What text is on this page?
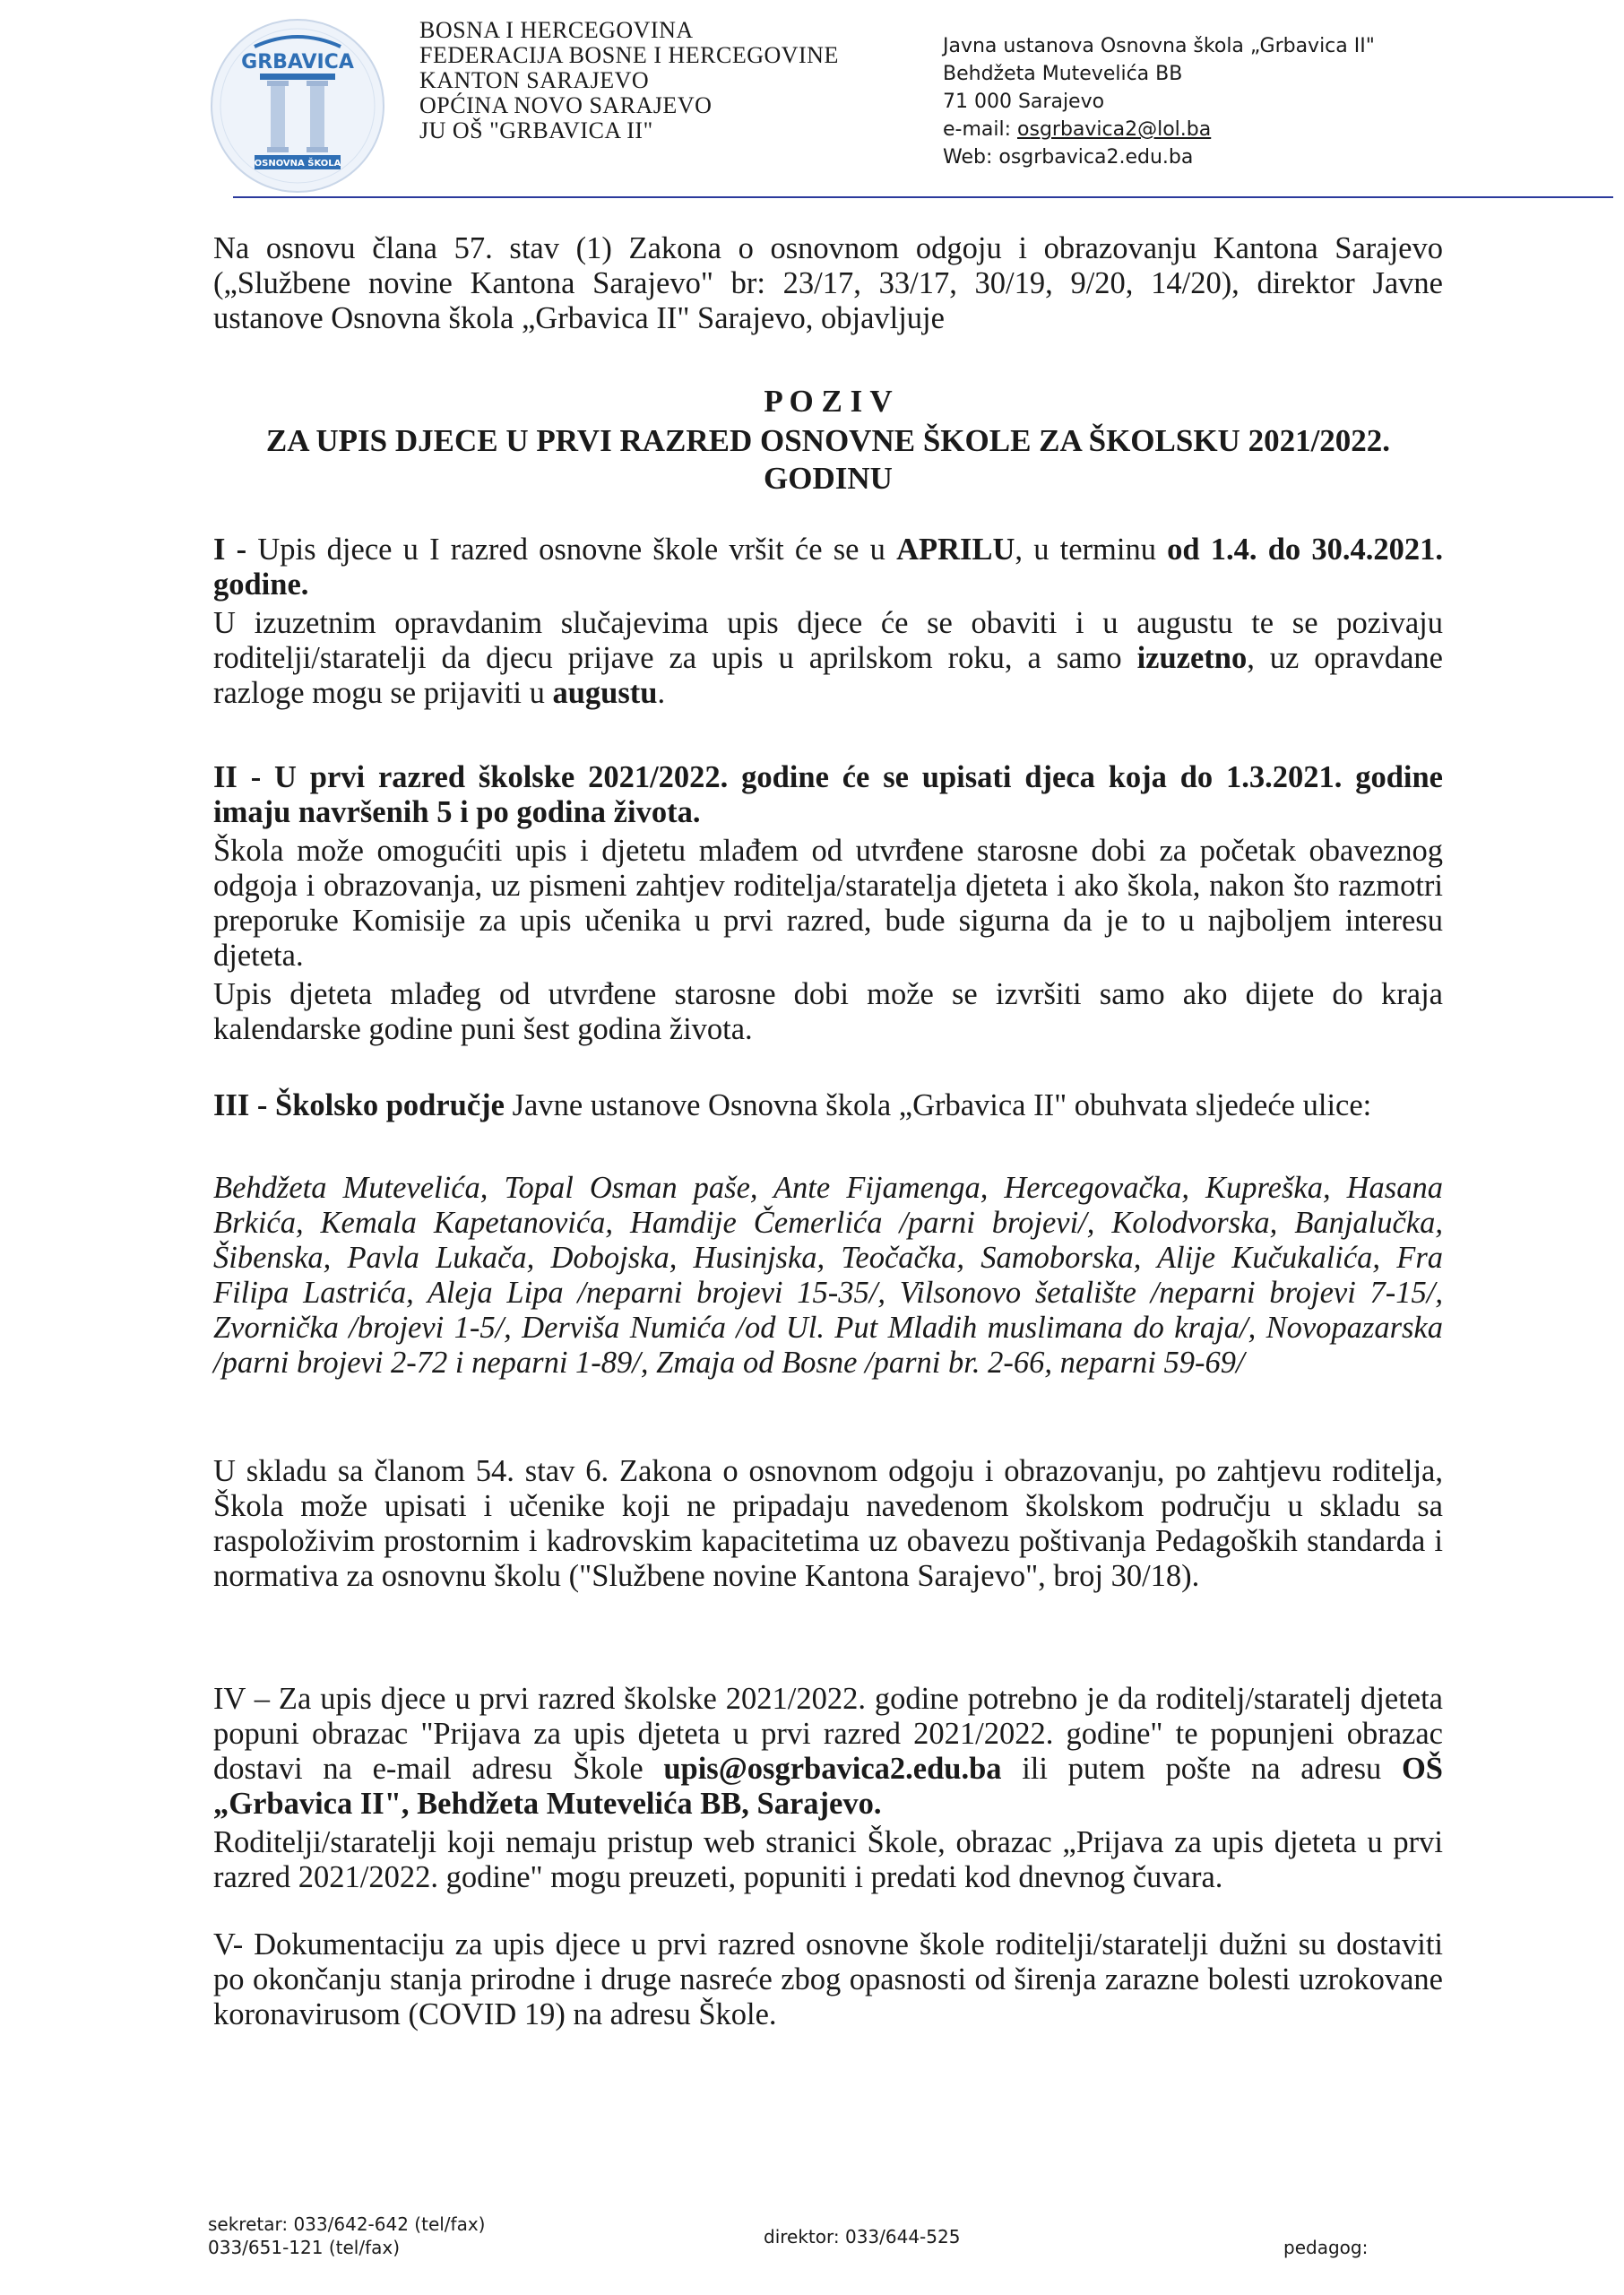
GRBAVICA
OSNOVNA ŠKOLA
BOSNA I HERCEGOVINA
FEDERACIJA BOSNE I HERCEGOVINE
KANTON SARAJEVO
OPĆINA NOVO SARAJEVO
JU OŠ "GRBAVICA II"
Javna ustanova Osnovna škola „Grbavica II"
Behdžeta Mutevelića BB
71 000 Sarajevo
e-mail: osgrbavica2@lol.ba
Web: osgrbavica2.edu.ba
Na osnovu člana 57. stav (1) Zakona o osnovnom odgoju i obrazovanju Kantona Sarajevo („Službene novine Kantona Sarajevo" br: 23/17, 33/17, 30/19, 9/20, 14/20), direktor Javne ustanove Osnovna škola „Grbavica II" Sarajevo, objavljuje
P O Z I V
ZA UPIS DJECE U PRVI RAZRED OSNOVNE ŠKOLE ZA ŠKOLSKU 2021/2022.
GODINU
I - Upis djece u I razred osnovne škole vršit će se u APRILU, u terminu od 1.4. do 30.4.2021. godine.
U izuzetnim opravdanim slučajevima upis djece će se obaviti i u augustu te se pozivaju roditelji/staratelji da djecu prijave za upis u aprilskom roku, a samo izuzetno, uz opravdane razloge mogu se prijaviti u augustu.
II - U prvi razred školske 2021/2022. godine će se upisati djeca koja do 1.3.2021. godine imaju navršenih 5 i po godina života.
Škola može omogućiti upis i djetetu mlađem od utvrđene starosne dobi za početak obaveznog odgoja i obrazovanja, uz pismeni zahtjev roditelja/staratelja djeteta i ako škola, nakon što razmotri preporuke Komisije za upis učenika u prvi razred, bude sigurna da je to u najboljem interesu djeteta.
Upis djeteta mlađeg od utvrđene starosne dobi može se izvršiti samo ako dijete do kraja kalendarske godine puni šest godina života.
III - Školsko područje Javne ustanove Osnovna škola „Grbavica II" obuhvata sljedeće ulice:
Behdžeta Mutevelića, Topal Osman paše, Ante Fijamenga, Hercegovačka, Kupreška, Hasana Brkića, Kemala Kapetanovića, Hamdije Čemerlića /parni brojevi/, Kolodvorska, Banjalučka, Šibenska, Pavla Lukača, Dobojska, Husinjska, Teočačka, Samoborska, Alije Kučukalića, Fra Filipa Lastrića, Aleja Lipa /neparni brojevi 15-35/, Vilsonovo šetalište /neparni brojevi 7-15/, Zvornička /brojevi 1-5/, Derviša Numića /od Ul. Put Mladih muslimana do kraja/, Novopazarska /parni brojevi 2-72 i neparni 1-89/, Zmaja od Bosne /parni br. 2-66, neparni 59-69/
U skladu sa članom 54. stav 6. Zakona o osnovnom odgoju i obrazovanju, po zahtjevu roditelja, Škola može upisati i učenike koji ne pripadaju navedenom školskom području u skladu sa raspoloživim prostornim i kadrovskim kapacitetima uz obavezu poštivanja Pedagoških standarda i normativa za osnovnu školu ("Službene novine Kantona Sarajevo", broj 30/18).
IV – Za upis djece u prvi razred školske 2021/2022. godine potrebno je da roditelj/staratelj djeteta popuni obrazac "Prijava za upis djeteta u prvi razred 2021/2022. godine" te popunjeni obrazac dostavi na e-mail adresu Škole upis@osgrbavica2.edu.ba ili putem pošte na adresu OŠ „Grbavica II", Behdžeta Mutevelića BB, Sarajevo.
Roditelji/staratelji koji nemaju pristup web stranici Škole, obrazac „Prijava za upis djeteta u prvi razred 2021/2022. godine" mogu preuzeti, popuniti i predati kod dnevnog čuvara.
V- Dokumentaciju za upis djece u prvi razred osnovne škole roditelji/staratelji dužni su dostaviti po okončanju stanja prirodne i druge nasreće zbog opasnosti od širenja zarazne bolesti uzrokovane koronavirusom (COVID 19) na adresu Škole.
sekretar: 033/642-642 (tel/fax)
033/651-121 (tel/fax)	direktor: 033/644-525	pedagog:
